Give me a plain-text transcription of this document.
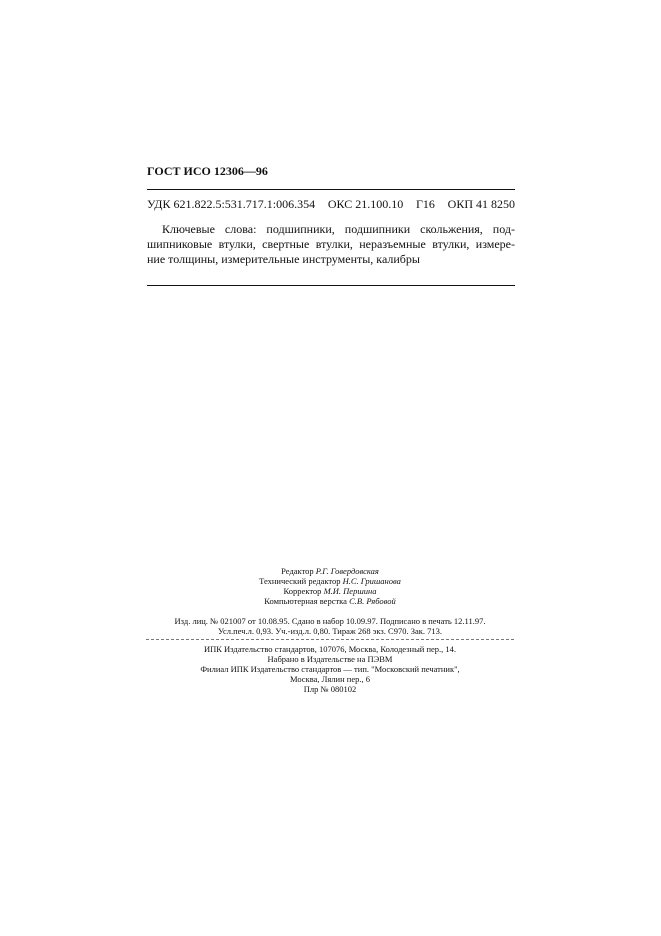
ГОСТ ИСО 12306—96
УДК 621.822.5:531.717.1:006.354 ОКС 21.100.10 Г16 ОКП 41 8250
Ключевые слова: подшипники, подшипники скольжения, под-
шипниковые втулки, свертные втулки, неразъемные втулки, измере-
ние толщины, измерительные инструменты, калибры
Редактор Р.Г. Говердовская
Технический редактор Н.С. Гришанова
Корректор М.И. Першина
Компьютерная верстка С.В. Рябовой
Изд. лиц. № 021007 от 10.08.95. Сдано в набор 10.09.97. Подписано в печать 12.11.97.
Усл.печ.л. 0,93. Уч.-изд.л. 0,80. Тираж 268 экз. С970. Зак. 713.
ИПК Издательство стандартов, 107076, Москва, Колодезный пер., 14.
Набрано в Издательстве на ПЭВМ
Филиал ИПК Издательство стандартов — тип. "Московский печатник",
Москва, Лялин пер., 6
Плр № 080102
